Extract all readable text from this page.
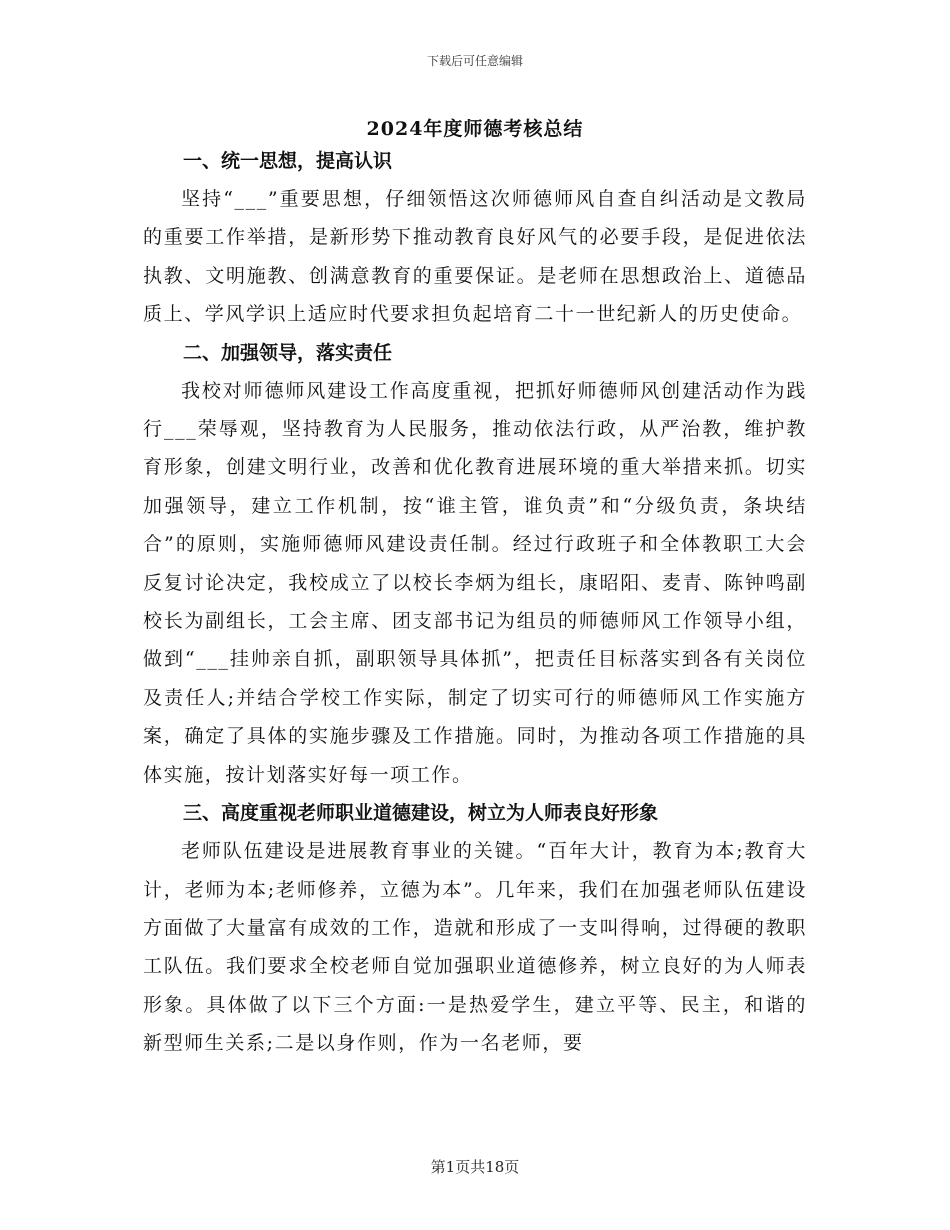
下载后可任意编辑
2024年度师德考核总结
一、统一思想，提高认识

坚持“___”重要思想，仔细领悟这次师德师风自查自纠活动是文教局的重要工作举措，是新形势下推动教育良好风气的必要手段，是促进依法执教、文明施教、创满意教育的重要保证。是老师在思想政治上、道德品质上、学风学识上适应时代要求担负起培育二十一世纪新人的历史使命。

二、加强领导，落实责任

我校对师德师风建设工作高度重视，把抓好师德师风创建活动作为践行___荣辱观，坚持教育为人民服务，推动依法行政，从严治教，维护教育形象，创建文明行业，改善和优化教育进展环境的重大举措来抓。切实加强领导，建立工作机制，按“谁主管，谁负责”和“分级负责，条块结合”的原则，实施师德师风建设责任制。经过行政班子和全体教职工大会反复讨论决定，我校成立了以校长李炳为组长，康昭阳、麦青、陈钟鸣副校长为副组长，工会主席、团支部书记为组员的师德师风工作领导小组，做到“___挂帅亲自抓，副职领导具体抓”，把责任目标落实到各有关岗位及责任人;并结合学校工作实际，制定了切实可行的师德师风工作实施方案，确定了具体的实施步骤及工作措施。同时，为推动各项工作措施的具体实施，按计划落实好每一项工作。

三、高度重视老师职业道德建设，树立为人师表良好形象

老师队伍建设是进展教育事业的关键。“百年大计，教育为本;教育大计，老师为本;老师修养，立德为本”。几年来，我们在加强老师队伍建设方面做了大量富有成效的工作，造就和形成了一支叫得响，过得硬的教职工队伍。我们要求全校老师自觉加强职业道德修养，树立良好的为人师表形象。具体做了以下三个方面:一是热爱学生，建立平等、民主，和谐的新型师生关系;二是以身作则，作为一名老师，要

第1页共18页
